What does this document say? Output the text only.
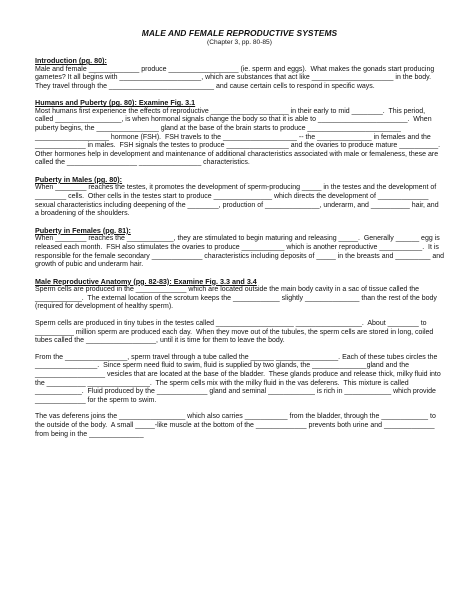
MALE AND FEMALE REPRODUCTIVE SYSTEMS
(Chapter 3, pp. 80-85)
Introduction (pg. 80):

Male and female _____________ produce __________________ (ie. sperm and eggs).  What makes the gonads start producing gametes? It all begins with _____________________, which are substances that act like _____________________ in the body.  They travel through the ___________________________ and cause certain cells to respond in specific ways.

Humans and Puberty (pg. 80): Examine Fig. 3.1

Most humans first experience the effects of reproductive ____________________ in their early to mid ________.  This period, called _________________, is when hormonal signals change the body so that it is able to _______________________.  When puberty begins, the ________________ gland at the base of the brain starts to produce ________________________ ___________________ hormone (FSH).  FSH travels to the ___________________ -- the ______________ in females and the _____________ in males.  FSH signals the testes to produce ________________ and the ovaries to produce mature __________.  Other hormones help in development and maintenance of additional characteristics associated with male or femaleness, these are called the __________________ ________________ characteristics.

Puberty in Males (pg. 80):

When ________ reaches the testes, it promotes the development of sperm-producing _____ in the testes and the development of ________ cells.  Other cells in the testes start to produce _______________ which directs the development of _____________ sexual characteristics including deepening of the ________, production of ______________, underarm, and __________ hair, and a broadening of the shoulders.

Puberty in Females (pg. 81):

When ________ reaches the ____________, they are stimulated to begin maturing and releasing _____.  Generally ______ egg is released each month.  FSH also stimulates the ovaries to produce ___________ which is another reproductive ___________.  It is responsible for the female secondary _____________ characteristics including deposits of _____ in the breasts and _________ and growth of pubic and underarm hair.

Male Reproductive Anatomy (pg. 82-83): Examine Fig. 3.3 and 3.4

Sperm cells are produced in the _____________ which are located outside the main body cavity in a sac of tissue called the ____________.  The external location of the scrotum keeps the ____________ slightly ______________ than the rest of the body (required for development of healthy sperm).

Sperm cells are produced in tiny tubes in the testes called ____________________ _________________.  About ________ to __________ million sperm are produced each day.  When they move out of the tubules, the sperm cells are stored in long, coiled tubes called the __________________, until it is time for them to leave the body.

From the ________________, sperm travel through a tube called the ______ ________________. Each of these tubes circles the ________________.  Since sperm need fluid to swim, fluid is supplied by two glands, the ______________gland and the __________________ vesicles that are located at the base of the bladder.  These glands produce and release thick, milky fluid into the __________ ________________.  The sperm cells mix with the milky fluid in the vas deferens.  This mixture is called ____________.  Fluid produced by the _____________ gland and seminal ____________ is rich in ____________ which provide _____________ for the sperm to swim.

The vas deferens joins the _________________ which also carries ___________ from the bladder, through the ____________ to the outside of the body.  A small _____-like muscle at the bottom of the _____________ prevents both urine and _____________ from being in the ______________
